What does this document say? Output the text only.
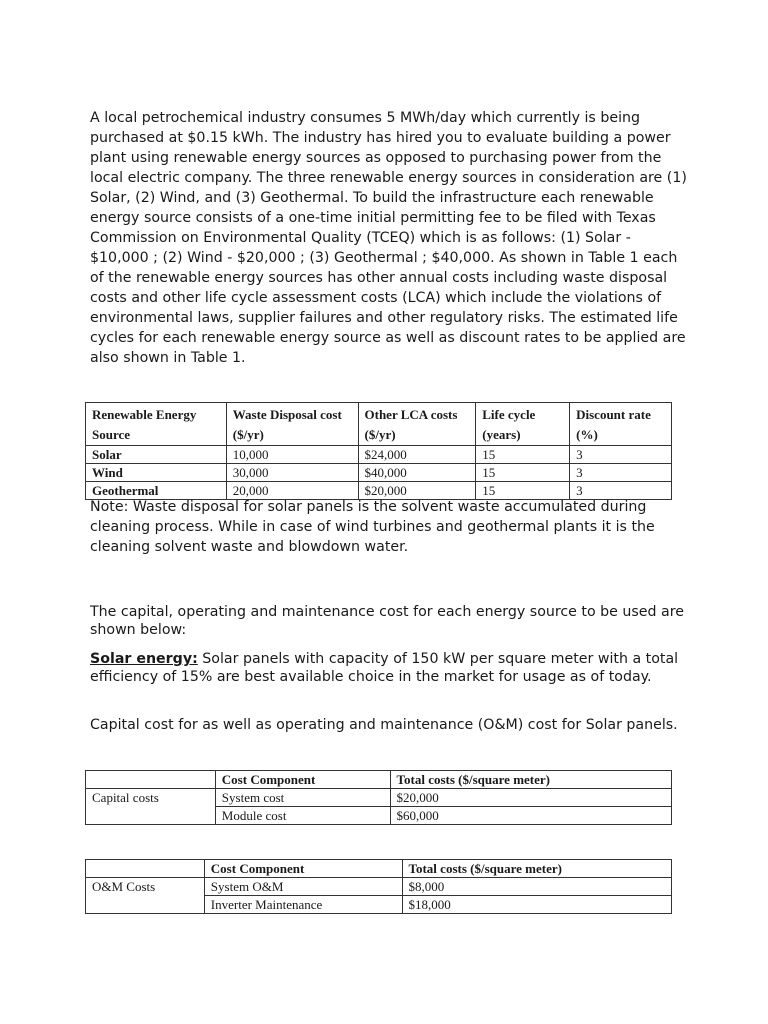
A local petrochemical industry consumes 5 MWh/day which currently is being purchased at $0.15 kWh. The industry has hired you to evaluate building a power plant using renewable energy sources as opposed to purchasing power from the local electric company. The three renewable energy sources in consideration are (1) Solar, (2) Wind, and (3) Geothermal. To build the infrastructure each renewable energy source consists of a one-time initial permitting fee to be filed with Texas Commission on Environmental Quality (TCEQ) which is as follows: (1) Solar - $10,000 ; (2) Wind - $20,000 ; (3) Geothermal ; $40,000. As shown in Table 1 each of the renewable energy sources has other annual costs including waste disposal costs and other life cycle assessment costs (LCA) which include the violations of environmental laws, supplier failures and other regulatory risks. The estimated life cycles for each renewable energy source as well as discount rates to be applied are also shown in Table 1.

Renewable Energy Source	Waste Disposal cost ($/yr)	Other LCA costs ($/yr)	Life cycle (years)	Discount rate (%)
Solar	10,000	$24,000	15	3
Wind	30,000	$40,000	15	3
Geothermal	20,000	$20,000	15	3

Note: Waste disposal for solar panels is the solvent waste accumulated during cleaning process. While in case of wind turbines and geothermal plants it is the cleaning solvent waste and blowdown water.

The capital, operating and maintenance cost for each energy source to be used are shown below:

Solar energy: Solar panels with capacity of 150 kW per square meter with a total efficiency of 15% are best available choice in the market for usage as of today.

Capital cost for as well as operating and maintenance (O&M) cost for Solar panels.

	Cost Component	Total costs ($/square meter)
Capital costs	System cost	$20,000
	Module cost	$60,000
	Cost Component	Total costs ($/square meter)
O&M Costs	System O&M	$8,000
	Inverter Maintenance	$18,000
